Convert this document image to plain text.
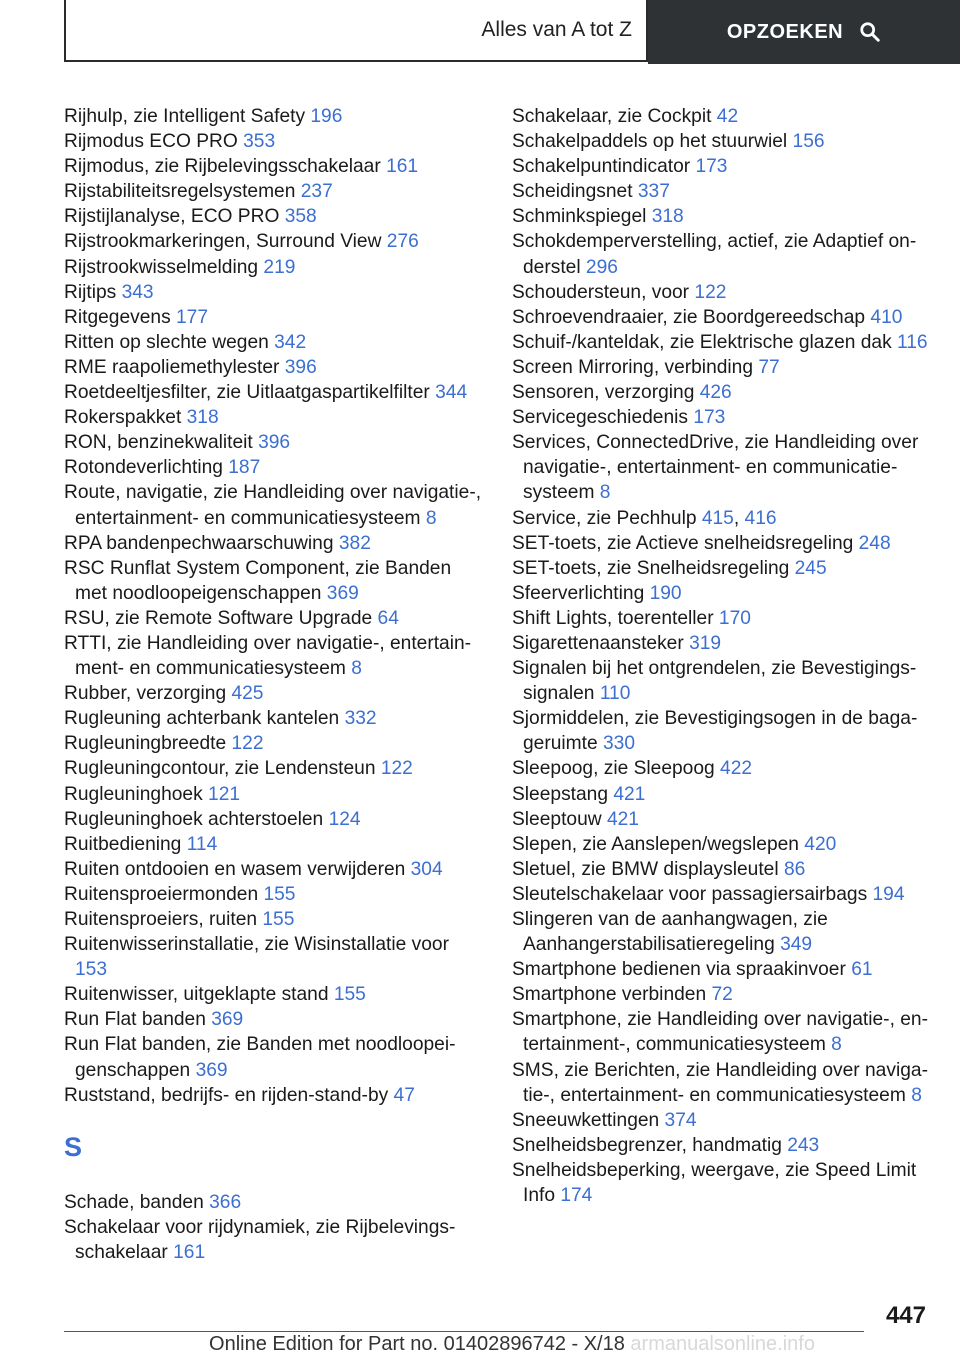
Alles van A tot Z	OPZOEKEN
Rijhulp, zie Intelligent Safety 196
Rijmodus ECO PRO 353
Rijmodus, zie Rijbelevingsschakelaar 161
Rijstabiliteitsregelsystemen 237
Rijstijlanalyse, ECO PRO 358
Rijstrookmarkeringen, Surround View 276
Rijstrookwisselmelding 219
Rijtips 343
Ritgegevens 177
Ritten op slechte wegen 342
RME raapoliemethylester 396
Roetdeeltjesfilter, zie Uitlaatgaspartikelfilter 344
Rokerspakket 318
RON, benzinekwaliteit 396
Rotondeverlichting 187
Route, navigatie, zie Handleiding over navigatie-, entertainment- en communicatiesysteem 8
RPA bandenpechwaarschuwing 382
RSC Runflat System Component, zie Banden met noodloopeigenschappen 369
RSU, zie Remote Software Upgrade 64
RTTI, zie Handleiding over navigatie-, entertainment- en communicatiesysteem 8
Rubber, verzorging 425
Rugleuning achterbank kantelen 332
Rugleuningbreedte 122
Rugleuningcontour, zie Lendensteun 122
Rugleuninghoek 121
Rugleuninghoek achterstoelen 124
Ruitbediening 114
Ruiten ontdooien en wasem verwijderen 304
Ruitensproeiermonden 155
Ruitensproeiers, ruiten 155
Ruitenwisserinstallatie, zie Wisinstallatie voor 153
Ruitenwisser, uitgeklapte stand 155
Run Flat banden 369
Run Flat banden, zie Banden met noodloopeigenschappen 369
Ruststand, bedrijfs- en rijden-stand-by 47
S
Schade, banden 366
Schakelaar voor rijdynamiek, zie Rijbelevingsschakelaar 161
Schakelaar, zie Cockpit 42
Schakelpaddels op het stuurwiel 156
Schakelpuntindicator 173
Scheidingsnet 337
Schminkspiegel 318
Schokdemperverstelling, actief, zie Adaptief onderstel 296
Schoudersteun, voor 122
Schroevendraaier, zie Boordgereedschap 410
Schuif-/kanteldak, zie Elektrische glazen dak 116
Screen Mirroring, verbinding 77
Sensoren, verzorging 426
Servicegeschiedenis 173
Services, ConnectedDrive, zie Handleiding over navigatie-, entertainment- en communicatiesysteem 8
Service, zie Pechhulp 415, 416
SET-toets, zie Actieve snelheidsregeling 248
SET-toets, zie Snelheidsregeling 245
Sfeerverlichting 190
Shift Lights, toerenteller 170
Sigarettenaansteker 319
Signalen bij het ontgrendelen, zie Bevestigingssignalen 110
Sjormiddelen, zie Bevestigingsogen in de bagageruimte 330
Sleepoog, zie Sleepoog 422
Sleepstang 421
Sleeptouw 421
Slepen, zie Aanslepen/wegslepen 420
Sletuel, zie BMW displaysleutel 86
Sleutelschakelaar voor passagiersairbags 194
Slingeren van de aanhangwagen, zie Aanhangerstabilisatieregeling 349
Smartphone bedienen via spraakinvoer 61
Smartphone verbinden 72
Smartphone, zie Handleiding over navigatie-, entertainment-, communicatiesysteem 8
SMS, zie Berichten, zie Handleiding over navigatie-, entertainment- en communicatiesysteem 8
Sneeuwkettingen 374
Snelheidsbegrenzer, handmatig 243
Snelheidsbeperking, weergave, zie Speed Limit Info 174
447
Online Edition for Part no. 01402896742 - X/18 armanualsonline.info
